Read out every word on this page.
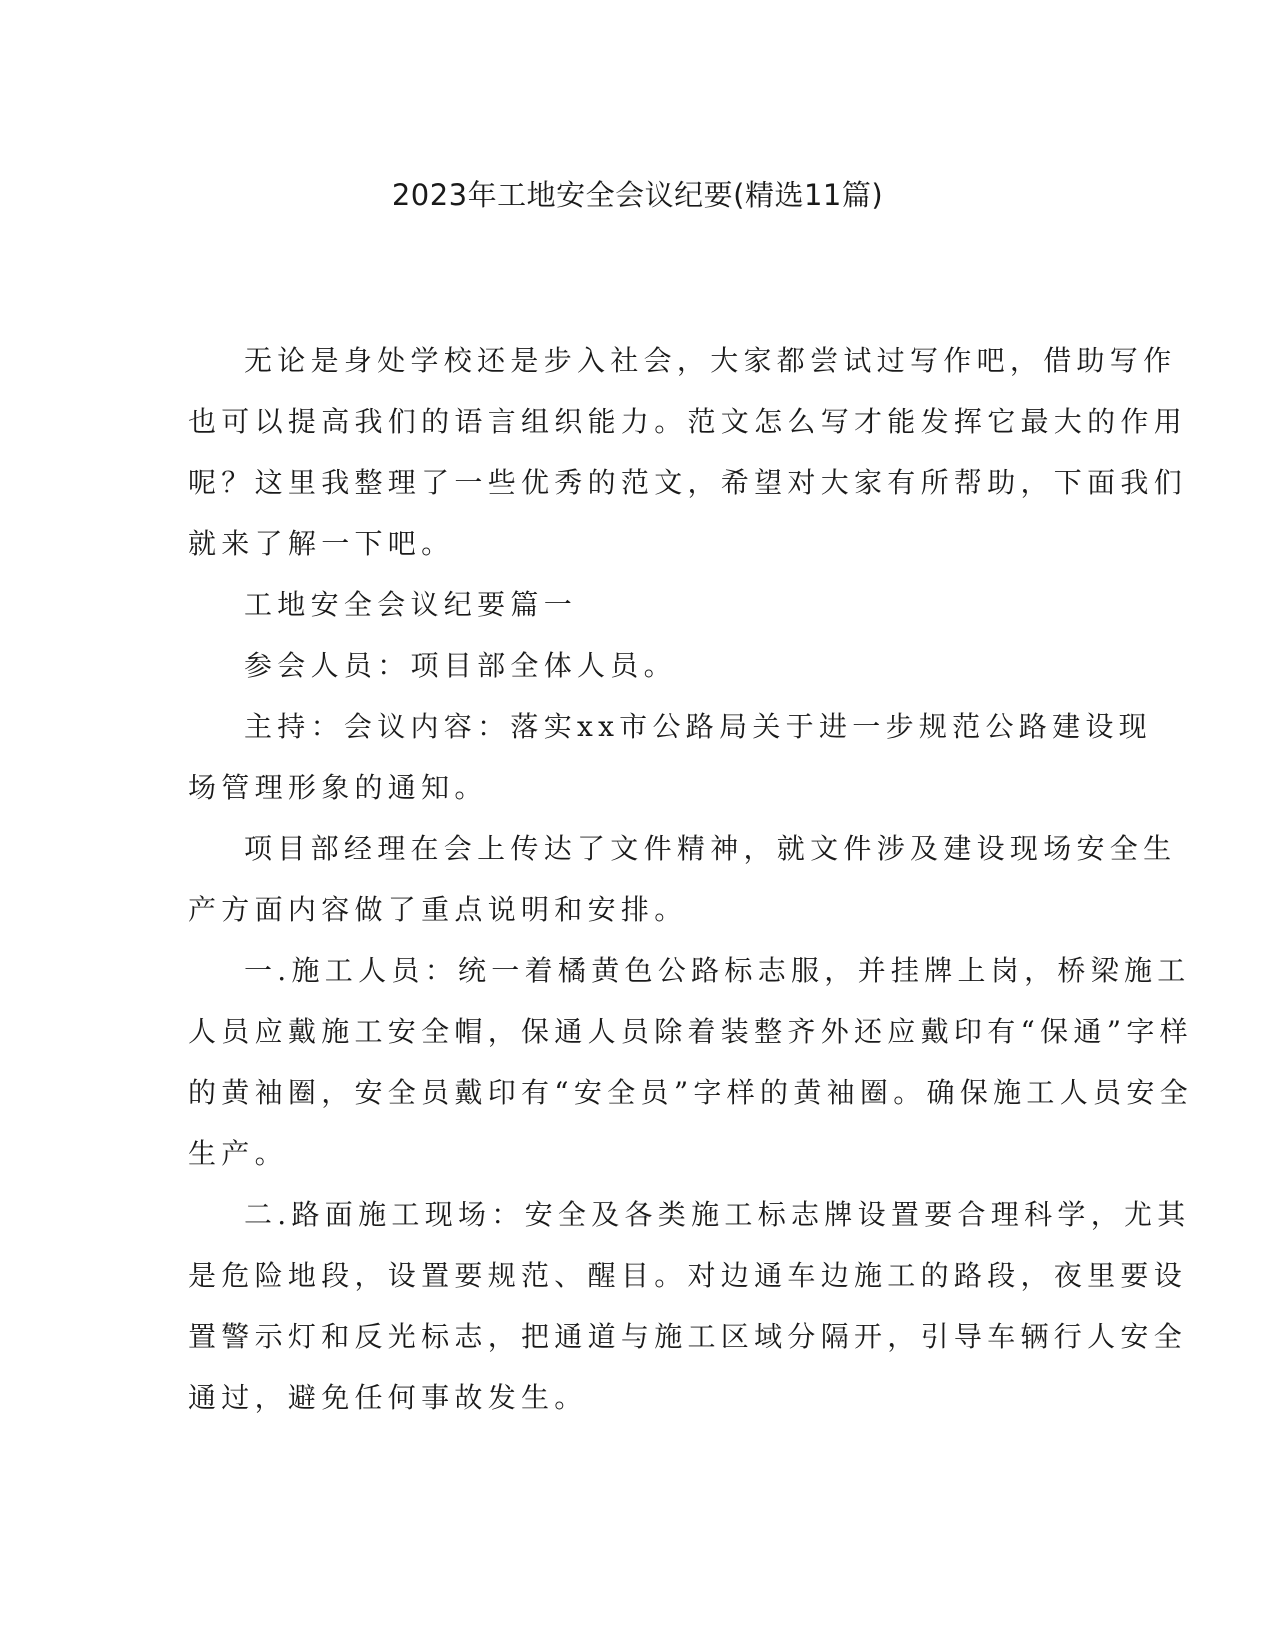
2023年工地安全会议纪要(精选11篇)

无论是身处学校还是步入社会，大家都尝试过写作吧，借助写作

也可以提高我们的语言组织能力。范文怎么写才能发挥它最大的作用

呢？这里我整理了一些优秀的范文，希望对大家有所帮助，下面我们

就来了解一下吧。

工地安全会议纪要篇一

参会人员：项目部全体人员。

主持：会议内容：落实xx市公路局关于进一步规范公路建设现

场管理形象的通知。

项目部经理在会上传达了文件精神，就文件涉及建设现场安全生

产方面内容做了重点说明和安排。

一.施工人员：统一着橘黄色公路标志服，并挂牌上岗，桥梁施工

人员应戴施工安全帽，保通人员除着装整齐外还应戴印有“保通”字样

的黄袖圈，安全员戴印有“安全员”字样的黄袖圈。确保施工人员安全

生产。

二.路面施工现场：安全及各类施工标志牌设置要合理科学，尤其

是危险地段，设置要规范、醒目。对边通车边施工的路段，夜里要设

置警示灯和反光标志，把通道与施工区域分隔开，引导车辆行人安全

通过，避免任何事故发生。
